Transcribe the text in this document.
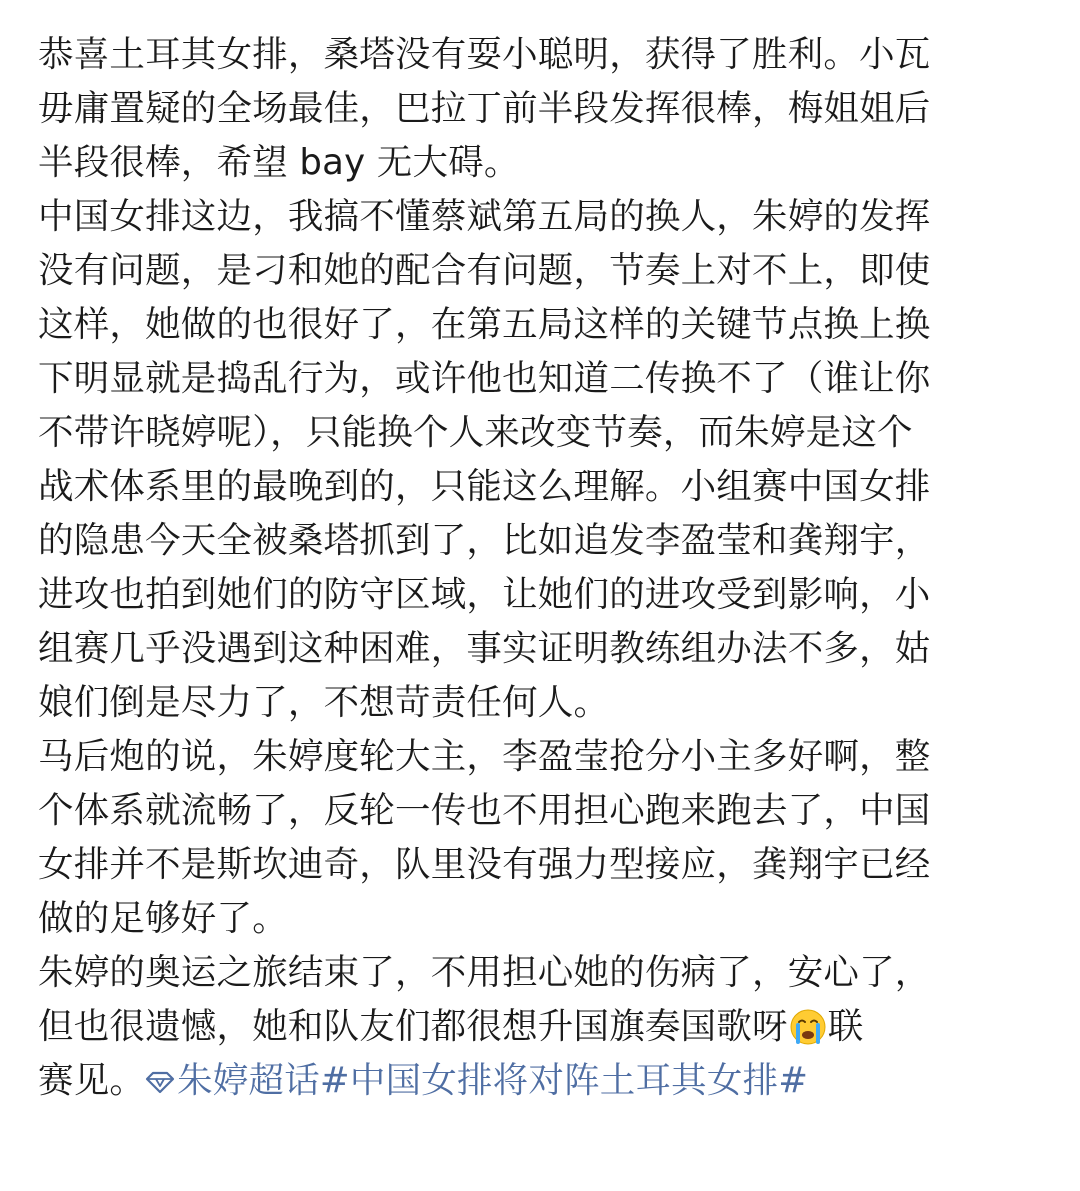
恭喜土耳其女排，桑塔没有耍小聪明，获得了胜利。小瓦
毋庸置疑的全场最佳，巴拉丁前半段发挥很棒，梅姐姐后
半段很棒，希望 bay 无大碍。
中国女排这边，我搞不懂蔡斌第五局的换人，朱婷的发挥
没有问题，是刁和她的配合有问题，节奏上对不上，即使
这样，她做的也很好了，在第五局这样的关键节点换上换
下明显就是捣乱行为，或许他也知道二传换不了（谁让你
不带许晓婷呢），只能换个人来改变节奏，而朱婷是这个
战术体系里的最晚到的，只能这么理解。小组赛中国女排
的隐患今天全被桑塔抓到了，比如追发李盈莹和龚翔宇，
进攻也拍到她们的防守区域，让她们的进攻受到影响，小
组赛几乎没遇到这种困难，事实证明教练组办法不多，姑
娘们倒是尽力了，不想苛责任何人。
马后炮的说，朱婷度轮大主，李盈莹抢分小主多好啊，整
个体系就流畅了，反轮一传也不用担心跑来跑去了，中国
女排并不是斯坎迪奇，队里没有强力型接应，龚翔宇已经
做的足够好了。
朱婷的奥运之旅结束了，不用担心她的伤病了，安心了，
但也很遗憾，她和队友们都很想升国旗奏国歌呀 联
赛见。 朱婷超话#中国女排将对阵土耳其女排#
